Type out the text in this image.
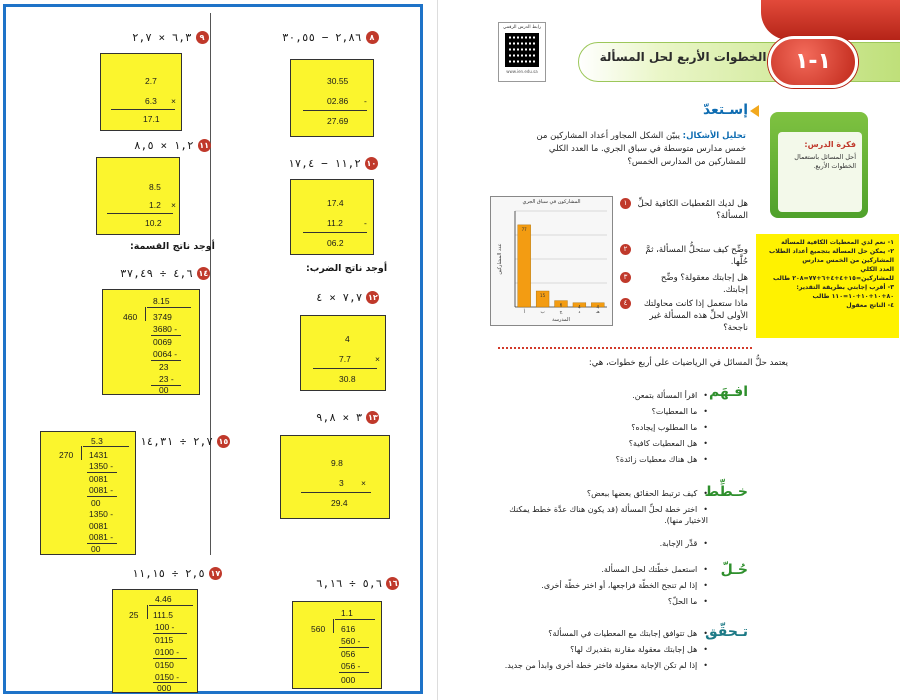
٢,٨٦ − ٣٠,٥٥	٨
30.55
02.86 -
27.69
١١,٢ − ١٧,٤ ١٠
17.4
11.2 -
06.2
أوجد ناتج الضرب:
٧,٧ × ٤ ١٢
4
7.7	×
30.8
٣ × ٩,٨ ١٣
9.8
3 ×
29.4
٥,٦ ÷ ٦,١٦ ١٦
1.1
560 616
560 -
056
056 -
000
٦,٣ × ٢,٧	٩
2.7
6.3 ×
17.1
١,٢ × ٨,٥ ١١
8.5
1.2 ×
10.2
أوجد ناتج القسمة:
٤,٦ ÷ ٣٧,٤٩ ١٤
8.15
460 3749
3680 -
0069
0064 -
23
23 -
00
٢,٧ ÷ ١٤,٣١ ١٥
5.3
270 1431
1350 -
0081
0081 -
00
1350 -
0081
0081 -
00
٢,٥ ÷ ١١,١٥ ١٧
4.46
25 111.5
100 -
0115
0100 -
0150
0150 -
000
الخطوات الأربع لحل المسألة	١-١
رابط الدرس الرقمي
www.ien.edu.sa
إسـتعدّ
فكرة الدرس:
أحل المسائل باستعمال الخطوات الأربع.
١- نعم لدي المعطيات الكافية للمسألة
٢- يمكن حل المسألة بتجميع أعداد الطلاب المشاركين من الخمس مدارس
العدد الكلي للمشاركين=١٥+٤+٤+٦+٧٧=٢٠٨ طالب
٣- أقرب إجابتي بطريقة التقدير: ٨٠+١٠+١٠+١٠=١١٠ طالب
٤- الناتج معقول
تحليل الأشكال: يبيّن الشكل المجاور أعداد المشاركين من خمس مدارس متوسطة في سباق الجري. ما العدد الكلي للمشاركين من المدارس الخمس؟
77
أ
15
ب
6
ج
4
د
4
هـ
المدرسة
عدد المشاركين
المشاركون في سباق الجري	١	هل لديك المُعطيات الكافية لحلِّ المسألة؟
٢	وضِّح كيف ستحلُّ المسألة، ثمَّ حُلَّها.
٣	هل إجابتك معقولة؟ وضِّح إجابتك.
٤	ماذا ستعمل إذا كانت محاولتك الأولى لحلِّ هذه المسألة غير ناجحة؟
يعتمد حلُّ المسائل في الرياضيات على أربع خطوات، هي:
افـهَم
• اقرأ المسألة بتمعن.
• ما المعطيات؟
• ما المطلوب إيجاده؟
• هل المعطيات كافية؟
• هل هناك معطيات زائدة؟
خـطِّط
• كيف ترتبط الحقائق بعضها ببعض؟
• اختر خطة لحلِّ المسألة (قد يكون هناك عدَّة خطط يمكنك الاختيار منها).
• قدِّر الإجابة.
حُـلّ
• استعمل خطّتك لحل المسألة.
• إذا لم تنجح الخطّة فراجعها، أو اختر خطّة أخرى.
• ما الحلّ؟
تـحقّق
• هل تتوافق إجابتك مع المعطيات في المسألة؟
• هل إجابتك معقولة مقارنة بتقديرك لها؟
• إذا لم تكن الإجابة معقولة فاختر خطة أخرى وابدأ من جديد.
